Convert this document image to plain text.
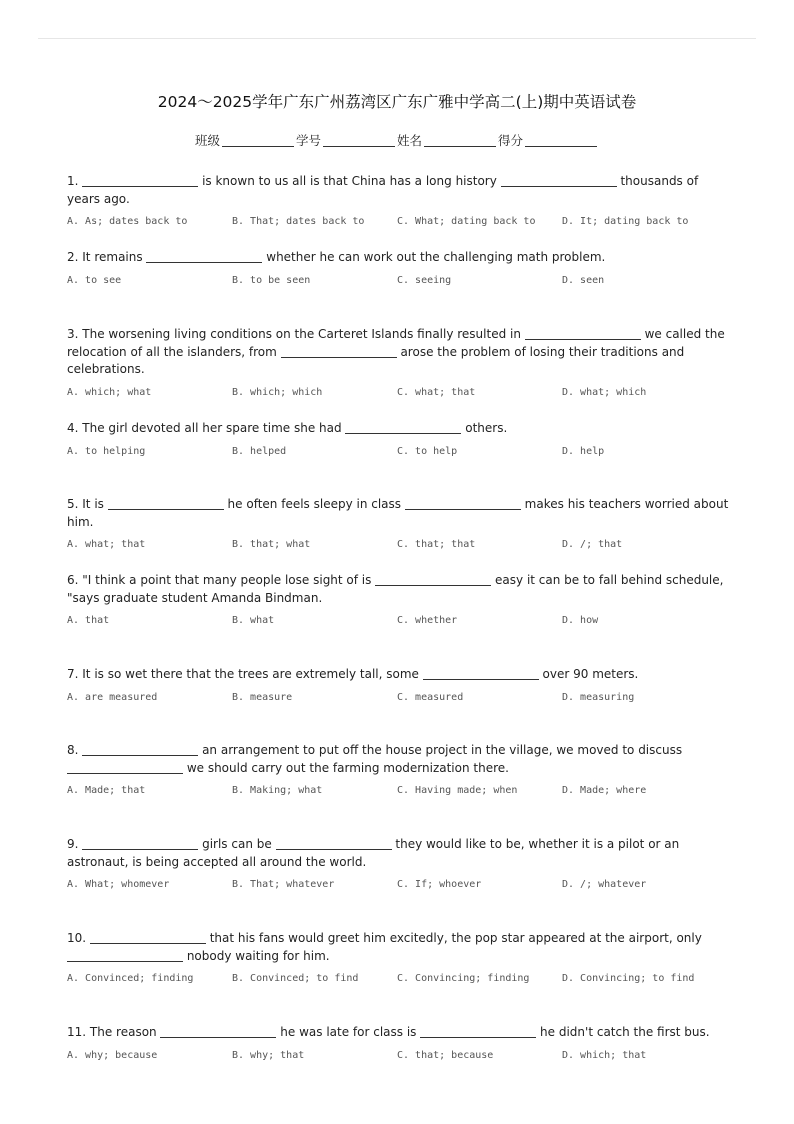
2024～2025学年广东广州荔湾区广东广雅中学高二(上)期中英语试卷
班级	学号	姓名	得分
1.	is known to us all is that China has a long history	thousands of years ago.
A. As; dates back to	B. That; dates back to	C. What; dating back to	D. It; dating back to
2. It remains	whether he can work out the challenging math problem.
A. to see	B. to be seen	C. seeing	D. seen
3. The worsening living conditions on the Carteret Islands finally resulted in	we called the relocation of all the islanders, from	arose the problem of losing their traditions and celebrations.
A. which; what	B. which; which	C. what; that	D. what; which
4. The girl devoted all her spare time she had	others.
A. to helping	B. helped	C. to help	D. help
5. It is	he often feels sleepy in class	makes his teachers worried about him.
A. what; that	B. that; what	C. that; that	D. /; that
6. "I think a point that many people lose sight of is	easy it can be to fall behind schedule, "says graduate student Amanda Bindman.
A. that	B. what	C. whether	D. how
7. It is so wet there that the trees are extremely tall, some	over 90 meters.
A. are measured	B. measure	C. measured	D. measuring
8.	an arrangement to put off the house project in the village, we moved to discuss  we should carry out the farming modernization there.
A. Made; that	B. Making; what	C. Having made; when	D. Made; where
9.	girls can be	they would like to be, whether it is a pilot or an astronaut, is being accepted all around the world.
A. What; whomever	B. That; whatever	C. If; whoever	D. /; whatever
10.	that his fans would greet him excitedly, the pop star appeared at the airport, only  nobody waiting for him.
A. Convinced; finding	B. Convinced; to find	C. Convincing; finding	D. Convincing; to find
11. The reason	he was late for class is	he didn't catch the first bus.
A. why; because	B. why; that	C. that; because	D. which; that
